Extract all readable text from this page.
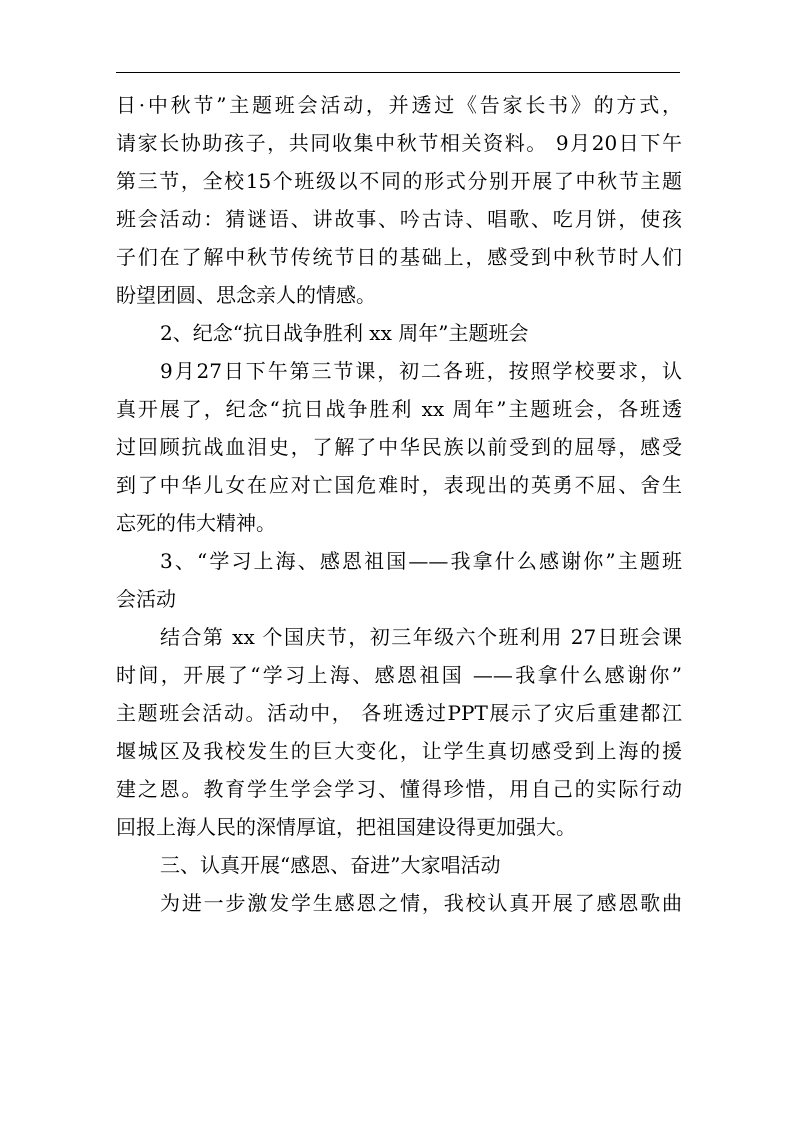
日·中秋节”主题班会活动，并透过《告家长书》的方式，
请家长协助孩子，共同收集中秋节相关资料。 9月20日下午
第三节，全校15个班级以不同的形式分别开展了中秋节主题
班会活动：猜谜语、讲故事、吟古诗、唱歌、吃月饼，使孩
子们在了解中秋节传统节日的基础上，感受到中秋节时人们
盼望团圆、思念亲人的情感。
2、纪念“抗日战争胜利 xx 周年”主题班会
9月27日下午第三节课，初二各班，按照学校要求，认
真开展了，纪念“抗日战争胜利 xx 周年”主题班会，各班透
过回顾抗战血泪史，了解了中华民族以前受到的屈辱，感受
到了中华儿女在应对亡国危难时，表现出的英勇不屈、舍生
忘死的伟大精神。
3、“学习上海、感恩祖国——我拿什么感谢你”主题班
会活动
结合第 xx 个国庆节，初三年级六个班利用 27日班会课
时间，开展了“学习上海、感恩祖国 ——我拿什么感谢你”
主题班会活动。活动中， 各班透过PPT展示了灾后重建都江
堰城区及我校发生的巨大变化，让学生真切感受到上海的援
建之恩。教育学生学会学习、懂得珍惜，用自己的实际行动
回报上海人民的深情厚谊，把祖国建设得更加强大。
三、认真开展“感恩、奋进”大家唱活动
为进一步激发学生感恩之情，我校认真开展了感恩歌曲
